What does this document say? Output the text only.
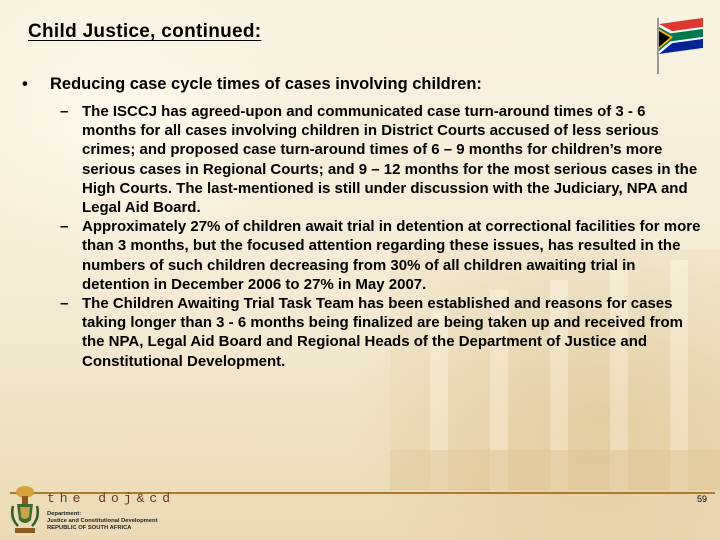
Child Justice, continued:
•	Reducing case cycle times of cases involving children:
– The ISCCJ has agreed-upon and communicated case turn-around times of 3 - 6 months for all cases involving children in District Courts accused of less serious crimes; and proposed case turn-around times of 6 – 9 months for children’s more serious cases in Regional Courts; and 9 – 12 months for the most serious cases in the High Courts. The last-mentioned is still under discussion with the Judiciary, NPA and Legal Aid Board.
– Approximately 27% of children await trial in detention at correctional facilities for more than 3 months, but the focused attention regarding these issues, has resulted in the numbers of such children decreasing from 30% of all children awaiting trial in detention in December 2006 to 27% in May 2007.
– The Children Awaiting Trial Task Team has been established and reasons for cases taking longer than 3 - 6 months being finalized are being taken up and received from the NPA, Legal Aid Board and Regional Heads of the Department of Justice and Constitutional Development.
the doj&cd
Department:
Justice and Constitutional Development
REPUBLIC OF SOUTH AFRICA
59
